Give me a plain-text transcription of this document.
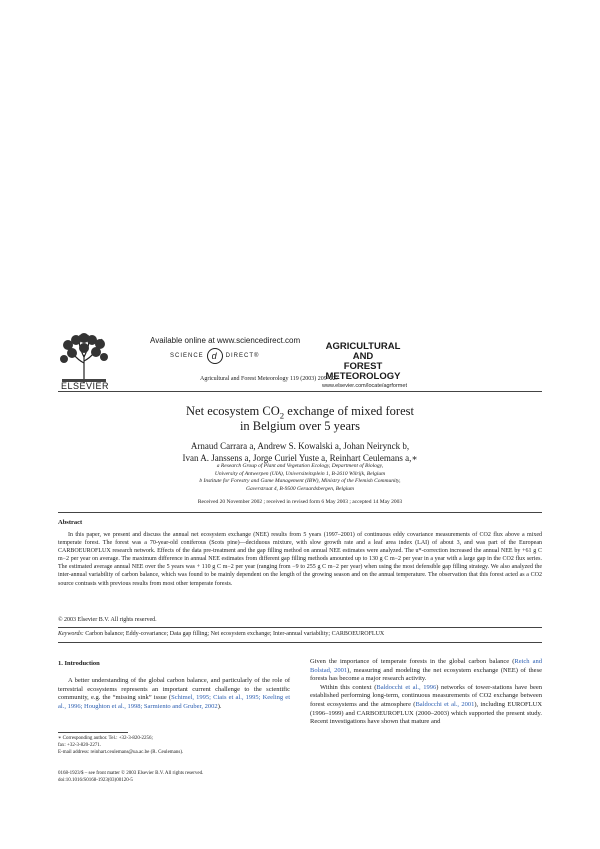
ELSEVIER
Available online at www.sciencedirect.com
SCIENCE d	DIRECT®
Agricultural and Forest Meteorology 119 (2003) 209–227
AGRICULTURAL
AND
FOREST
METEOROLOGY
www.elsevier.com/locate/agrformet
Net ecosystem $CO_2$ exchange of mixed forest
in Belgium over 5 years
Arnaud Carrara a, Andrew S. Kowalski a, Johan Neirynck b,
Ivan A. Janssens a, Jorge Curiel Yuste a, Reinhart Ceulemans a,∗
a Research Group of Plant and Vegetation Ecology, Department of Biology,
University of Antwerpen (UIA), Universiteitsplein 1, B-2610 Wilrijk, Belgium
b Institute for Forestry and Game Management (IBW), Ministry of the Flemish Community,
Gaverstraat 4, B-9500 Geraardsbergen, Belgium
Received 20 November 2002 ; received in revised form 6 May 2003 ; accepted 14 May 2003
Abstract
In this paper, we present and discuss the annual net ecosystem exchange (NEE) results from 5 years (1997–2001) of continuous eddy covariance measurements of CO2 flux above a mixed temperate forest. The forest was a 70-year-old coniferous (Scots pine)—deciduous mixture, with slow growth rate and a leaf area index (LAI) of about 3, and was part of the European CARBOEUROFLUX research network. Effects of the data pre-treatment and the gap filling method on annual NEE estimates were analyzed. The u*-correction increased the annual NEE by +61 g C m−2 per year on average. The maximum difference in annual NEE estimates from different gap filling methods amounted up to 130 g C m−2 per year in a year with a large gap in the CO2 flux series. The estimated average annual NEE over the 5 years was + 110 g C m−2 per year (ranging from −9 to 255 g C m−2 per year) when using the most defensible gap filling strategy. We also analyzed the inter-annual variability of carbon balance, which was found to be mainly dependent on the length of the growing season and on the annual temperature. The observation that this forest acted as a CO2 source contrasts with previous results from most other temperate forests.
© 2003 Elsevier B.V. All rights reserved.
Keywords: Carbon balance; Eddy-covariance; Data gap filling; Net ecosystem exchange; Inter-annual variability; CARBOEUROFLUX
1. Introduction

A better understanding of the global carbon balance, and particularly of the role of terrestrial ecosystems represents an important current challenge to the scientific community, e.g. the “missing sink” issue (Schimel, 1995; Ciais et al., 1995; Keeling et al., 1996; Houghton et al., 1998; Sarmiento and Gruber, 2002).

Given the importance of temperate forests in the global carbon balance (Reich and Bolstad, 2001), measuring and modeling the net ecosystem exchange (NEE) of these forests has become a major research activity.

Within this context (Baldocchi et al., 1996) networks of tower-stations have been established performing long-term, continuous measurements of CO2 exchange between forest ecosystems and the atmosphere (Baldocchi et al., 2001), including EUROFLUX (1996–1999) and CARBOEUROFLUX (2000–2003) which supported the present study. Recent investigations have shown that mature and

∗ Corresponding author. Tel.: +32-3-820-2256;
fax: +32-3-820-2271.
E-mail address: reinhart.ceulemans@ua.ac.be (R. Ceulemans).
0168-1923/$ – see front matter © 2003 Elsevier B.V. All rights reserved.
doi:10.1016/S0168-1923(03)00120-5
